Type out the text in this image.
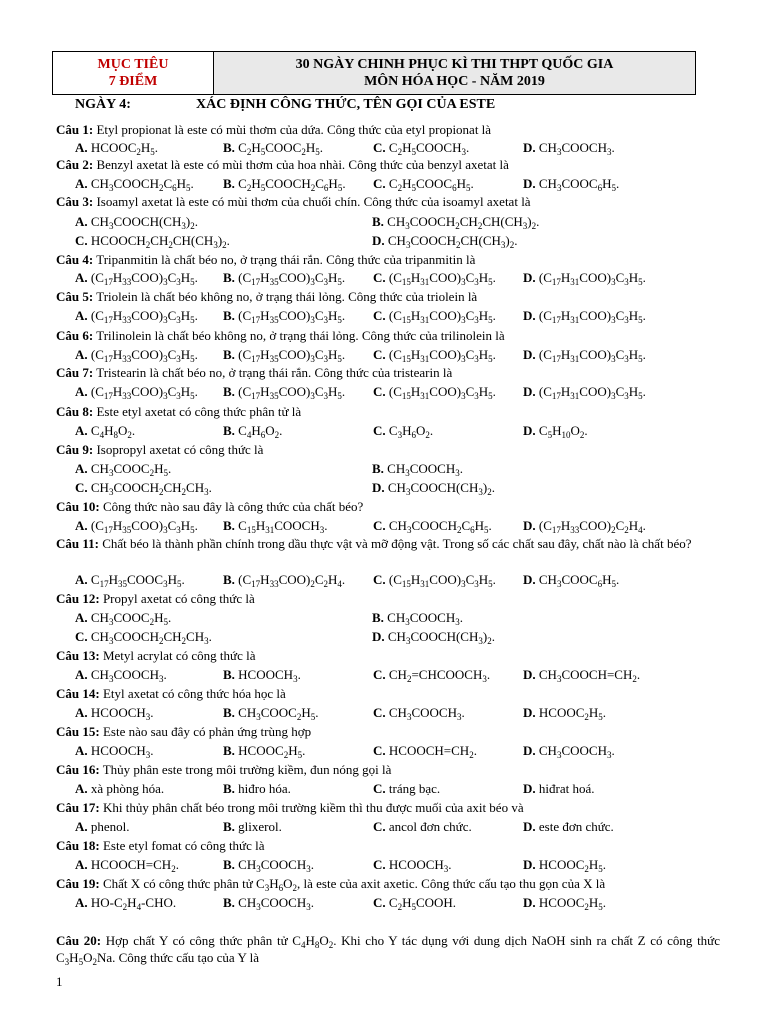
MỤC TIÊU
7 ĐIỂM
30 NGÀY CHINH PHỤC KÌ THI THPT QUỐC GIA
MÔN HÓA HỌC - NĂM 2019
NGÀY 4:	XÁC ĐỊNH CÔNG THỨC, TÊN GỌI CỦA ESTE
Câu 1: Etyl propionat là este có mùi thơm của dứa. Công thức của etyl propionat là
A. $HCOOC_2H_5$.	B. $C_2H_5COOC_2H_5$.	C. $C_2H_5COOCH_3$.	D. $CH_3COOCH_3$.
Câu 2: Benzyl axetat là este có mùi thơm của hoa nhài. Công thức của benzyl axetat là
A. $CH_3COOCH_2C_6H_5$. B. $C_2H_5COOCH_2C_6H_5$. C. $C_2H_5COOC_6H_5$.	D. $CH_3COOC_6H_5$.
Câu 3: Isoamyl axetat là este có mùi thơm của chuối chín. Công thức của isoamyl axetat là
A. $CH_3COOCH(CH_3)_2$.	B. $CH_3COOCH_2CH_2CH(CH_3)_2$.
C. $HCOOCH_2CH_2CH(CH_3)_2$.	D. $CH_3COOCH_2CH(CH_3)_2$.
Câu 4: Tripanmitin là chất béo no, ở trạng thái rắn. Công thức của tripanmitin là
A. $(C_{17}H_{33}COO)_3C_3H_5$. B. $(C_{17}H_{35}COO)_3C_3H_5$. C. $(C_{15}H_{31}COO)_3C_3H_5$. D. $(C_{17}H_{31}COO)_3C_3H_5$.
Câu 5: Triolein là chất béo không no, ở trạng thái lỏng. Công thức của triolein là
A. $(C_{17}H_{33}COO)_3C_3H_5$. B. $(C_{17}H_{35}COO)_3C_3H_5$. C. $(C_{15}H_{31}COO)_3C_3H_5$. D. $(C_{17}H_{31}COO)_3C_3H_5$.
Câu 6: Trilinolein là chất béo không no, ở trạng thái lỏng. Công thức của trilinolein là
A. $(C_{17}H_{33}COO)_3C_3H_5$. B. $(C_{17}H_{35}COO)_3C_3H_5$. C. $(C_{15}H_{31}COO)_3C_3H_5$. D. $(C_{17}H_{31}COO)_3C_3H_5$.
Câu 7: Tristearin là chất béo no, ở trạng thái rắn. Công thức của tristearin là
A. $(C_{17}H_{33}COO)_3C_3H_5$. B. $(C_{17}H_{35}COO)_3C_3H_5$. C. $(C_{15}H_{31}COO)_3C_3H_5$. D. $(C_{17}H_{31}COO)_3C_3H_5$.
Câu 8: Este etyl axetat có công thức phân tử là
A. $C_4H_8O_2$.	B. $C_4H_6O_2$.	C. $C_3H_6O_2$.	D. $C_5H_{10}O_2$.
Câu 9: Isopropyl axetat có công thức là
A. $CH_3COOC_2H_5$.	B. $CH_3COOCH_3$.
C. $CH_3COOCH_2CH_2CH_3$.	D. $CH_3COOCH(CH_3)_2$.
Câu 10: Công thức nào sau đây là công thức của chất béo?
A. $(C_{17}H_{35}COO)_3C_3H_5$. B. $C_{15}H_{31}COOCH_3$.	C. $CH_3COOCH_2C_6H_5$. D. $(C_{17}H_{33}COO)_2C_2H_4$.
Câu 11: Chất béo là thành phần chính trong dầu thực vật và mỡ động vật. Trong số các chất sau đây, chất nào là chất béo?
A. $C_{17}H_{35}COOC_3H_5$.	B. $(C_{17}H_{33}COO)_2C_2H_4$. C. $(C_{15}H_{31}COO)_3C_3H_5$. D. $CH_3COOC_6H_5$.
Câu 12: Propyl axetat có công thức là
A. $CH_3COOC_2H_5$.	B. $CH_3COOCH_3$.
C. $CH_3COOCH_2CH_2CH_3$.	D. $CH_3COOCH(CH_3)_2$.
Câu 13: Metyl acrylat có công thức là
A. $CH_3COOCH_3$.	B. $HCOOCH_3$.	C. $CH_2=CHCOOCH_3$.	D. $CH_3COOCH=CH_2$.
Câu 14: Etyl axetat có công thức hóa học là
A. $HCOOCH_3$.	B. $CH_3COOC_2H_5$.	C. $CH_3COOCH_3$.	D. $HCOOC_2H_5$.
Câu 15: Este nào sau đây có phản ứng trùng hợp
A. $HCOOCH_3$.	B. $HCOOC_2H_5$.	C. $HCOOCH=CH_2$.	D. $CH_3COOCH_3$.
Câu 16: Thủy phân este trong môi trường kiềm, đun nóng gọi là
A. xà phòng hóa.	B. hiđro hóa.	C. tráng bạc.	D. hiđrat hoá.
Câu 17: Khi thủy phân chất béo trong môi trường kiềm thì thu được muối của axit béo và
A. phenol.	B. glixerol.	C. ancol đơn chức.	D. este đơn chức.
Câu 18: Este etyl fomat có công thức là
A. $HCOOCH=CH_2$.	B. $CH_3COOCH_3$.	C. $HCOOCH_3$.	D. $HCOOC_2H_5$.
Câu 19: Chất X có công thức phân tử $C_3H_6O_2$, là este của axit axetic. Công thức cấu tạo thu gọn của X là
A. $HO-C_2H_4$-CHO.	B. $CH_3COOCH_3$.	C. $C_2H_5COOH$.	D. $HCOOC_2H_5$.
Câu 20: Hợp chất Y có công thức phân tử $C_4H_8O_2$. Khi cho Y tác dụng với dung dịch NaOH sinh ra chất Z có công thức $C_3H_5O_2Na$. Công thức cấu tạo của Y là
1
